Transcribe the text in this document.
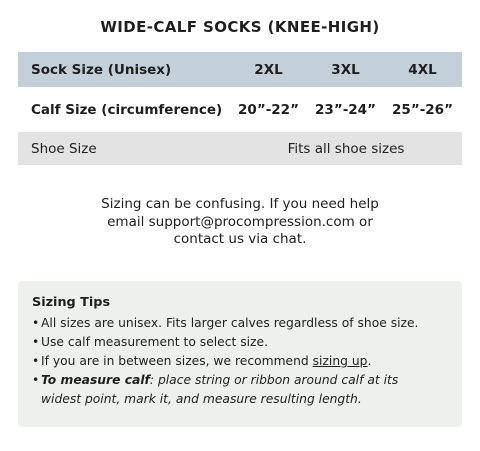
WIDE-CALF SOCKS (KNEE-HIGH)
Sock Size (Unisex)	2XL	3XL	4XL
Calf Size (circumference)	20”-22”	23”-24”	25”-26”
Shoe Size	Fits all shoe sizes
Sizing can be confusing. If you need help
email support@procompression.com or
contact us via chat.
Sizing Tips
• All sizes are unisex. Fits larger calves regardless of shoe size.
• Use calf measurement to select size.
• If you are in between sizes, we recommend sizing up.
• To measure calf: place string or ribbon around calf at its
widest point, mark it, and measure resulting length.
